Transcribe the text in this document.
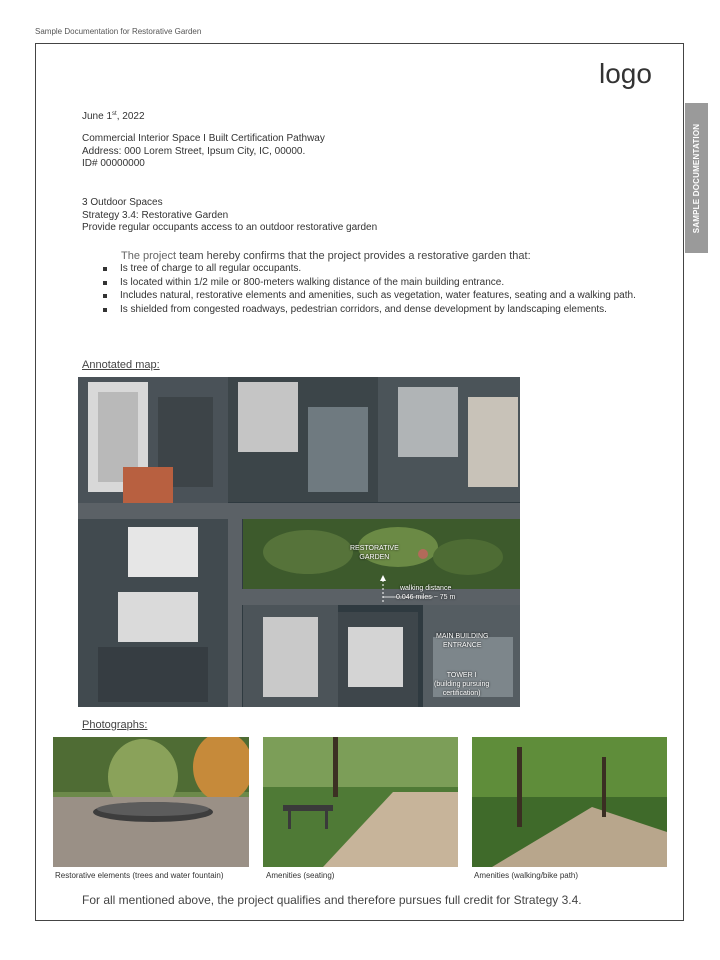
Sample Documentation for Restorative Garden
SAMPLE DOCUMENTATION
logo
June 1st, 2022
Commercial Interior Space I Built Certification Pathway
Address: 000 Lorem Street, Ipsum City, IC, 00000.
ID# 00000000
3 Outdoor Spaces
Strategy 3.4: Restorative Garden
Provide regular occupants access to an outdoor restorative garden
The project team hereby confirms that the project provides a restorative garden that:
Is tree of charge to all regular occupants.
Is located within 1/2 mile or 800-meters walking distance of the main building entrance.
Includes natural, restorative elements and amenities, such as vegetation, water features, seating and a walking path.
Is shielded from congested roadways, pedestrian corridors, and dense development by landscaping elements.
Annotated map:
RESTORATIVE
GARDEN
walking distance
0.046 miles ~ 75 m
MAIN BUILDING
ENTRANCE
TOWER I
(building pursuing
certification)
Photographs:
Restorative elements (trees and water fountain)	Amenities (seating)	Amenities (walking/bike path)
For all mentioned above, the project qualifies and therefore pursues full credit for Strategy 3.4.
